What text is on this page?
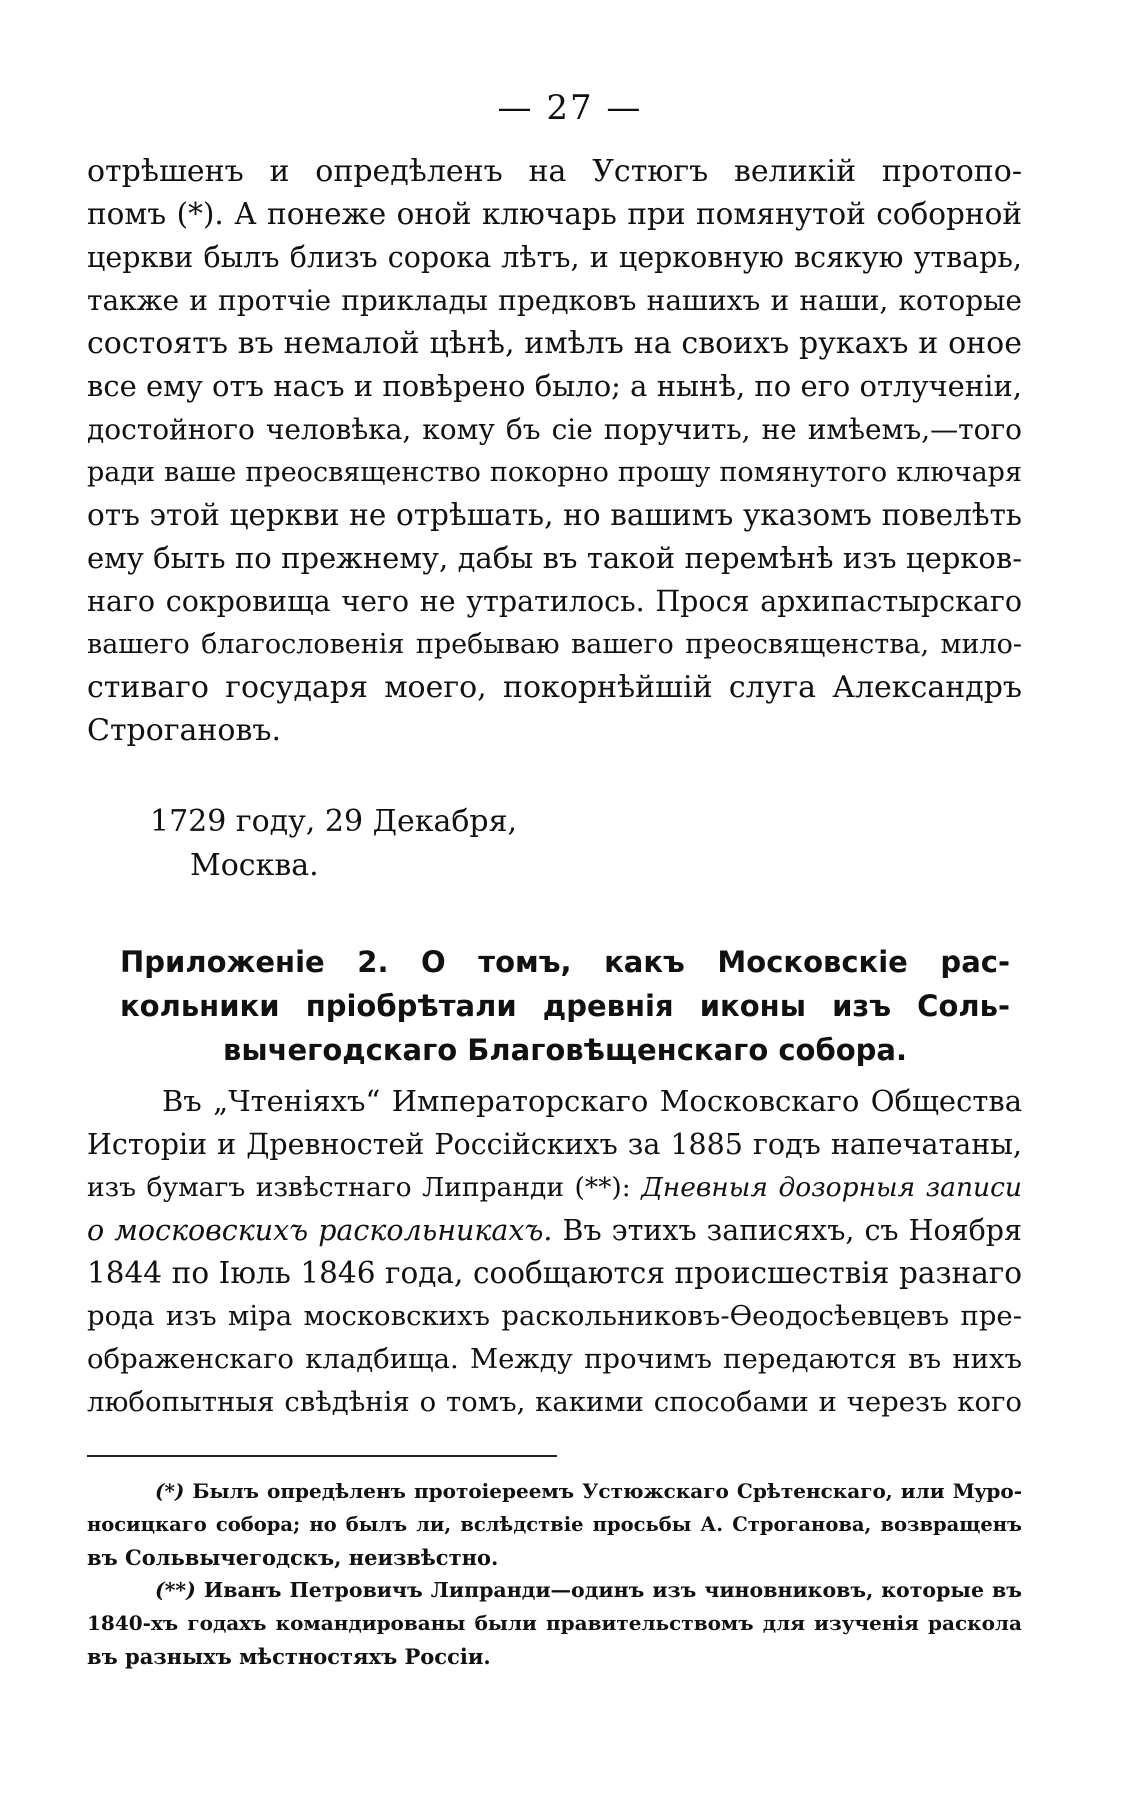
— 27 —
отрѣшенъ и опредѣленъ на Устюгъ великій протопо-
помъ (*). А понеже оной ключарь при помянутой соборной
церкви былъ близъ сорока лѣтъ, и церковную всякую утварь,
также и протчіе приклады предковъ нашихъ и наши, которые
состоятъ въ немалой цѣнѣ, имѣлъ на своихъ рукахъ и оное
все ему отъ насъ и повѣрено было; а нынѣ, по его отлученіи,
достойного человѣка, кому бъ сіе поручить, не имѣемъ,—того
ради ваше преосвященство покорно прошу помянутого ключаря
отъ этой церкви не отрѣшать, но вашимъ указомъ повелѣть
ему быть по прежнему, дабы въ такой перемѣнѣ изъ церков-
наго сокровища чего не утратилось. Прося архипастырскаго
вашего благословенія пребываю вашего преосвященства, мило-
стиваго государя моего, покорнѣйшій слуга Александръ
Строгановъ.
1729 году, 29 Декабря,
Москва.
Приложеніе 2. О томъ, какъ Московскіе рас-
кольники пріобрѣтали древнія иконы изъ Соль-
вычегодскаго Благовѣщенскаго собора.
Въ „Чтеніяхъ“ Императорскаго Московскаго Общества
Исторіи и Древностей Россійскихъ за 1885 годъ напечатаны,
изъ бумагъ извѣстнаго Липранди (**): Дневныя дозорныя записи
о московскихъ раскольникахъ. Въ этихъ записяхъ, съ Ноября
1844 по Іюль 1846 года, сообщаются происшествія разнаго
рода изъ міра московскихъ раскольниковъ-Ѳеодосѣевцевъ пре-
ображенскаго кладбища. Между прочимъ передаются въ нихъ
любопытныя свѣдѣнія о томъ, какими способами и черезъ кого
(*) Былъ опредѣленъ протоіереемъ Устюжскаго Срѣтенскаго, или Мyро-
носицкаго собора; но былъ ли, вслѣдствіе просьбы А. Строганова, возвращенъ
въ Сольвычегодскъ, неизвѣстно.
(**) Иванъ Петровичъ Липранди—одинъ изъ чиновниковъ, которые въ
1840-хъ годахъ командированы были правительствомъ для изученія раскола
въ разныхъ мѣстностяхъ Россіи.
